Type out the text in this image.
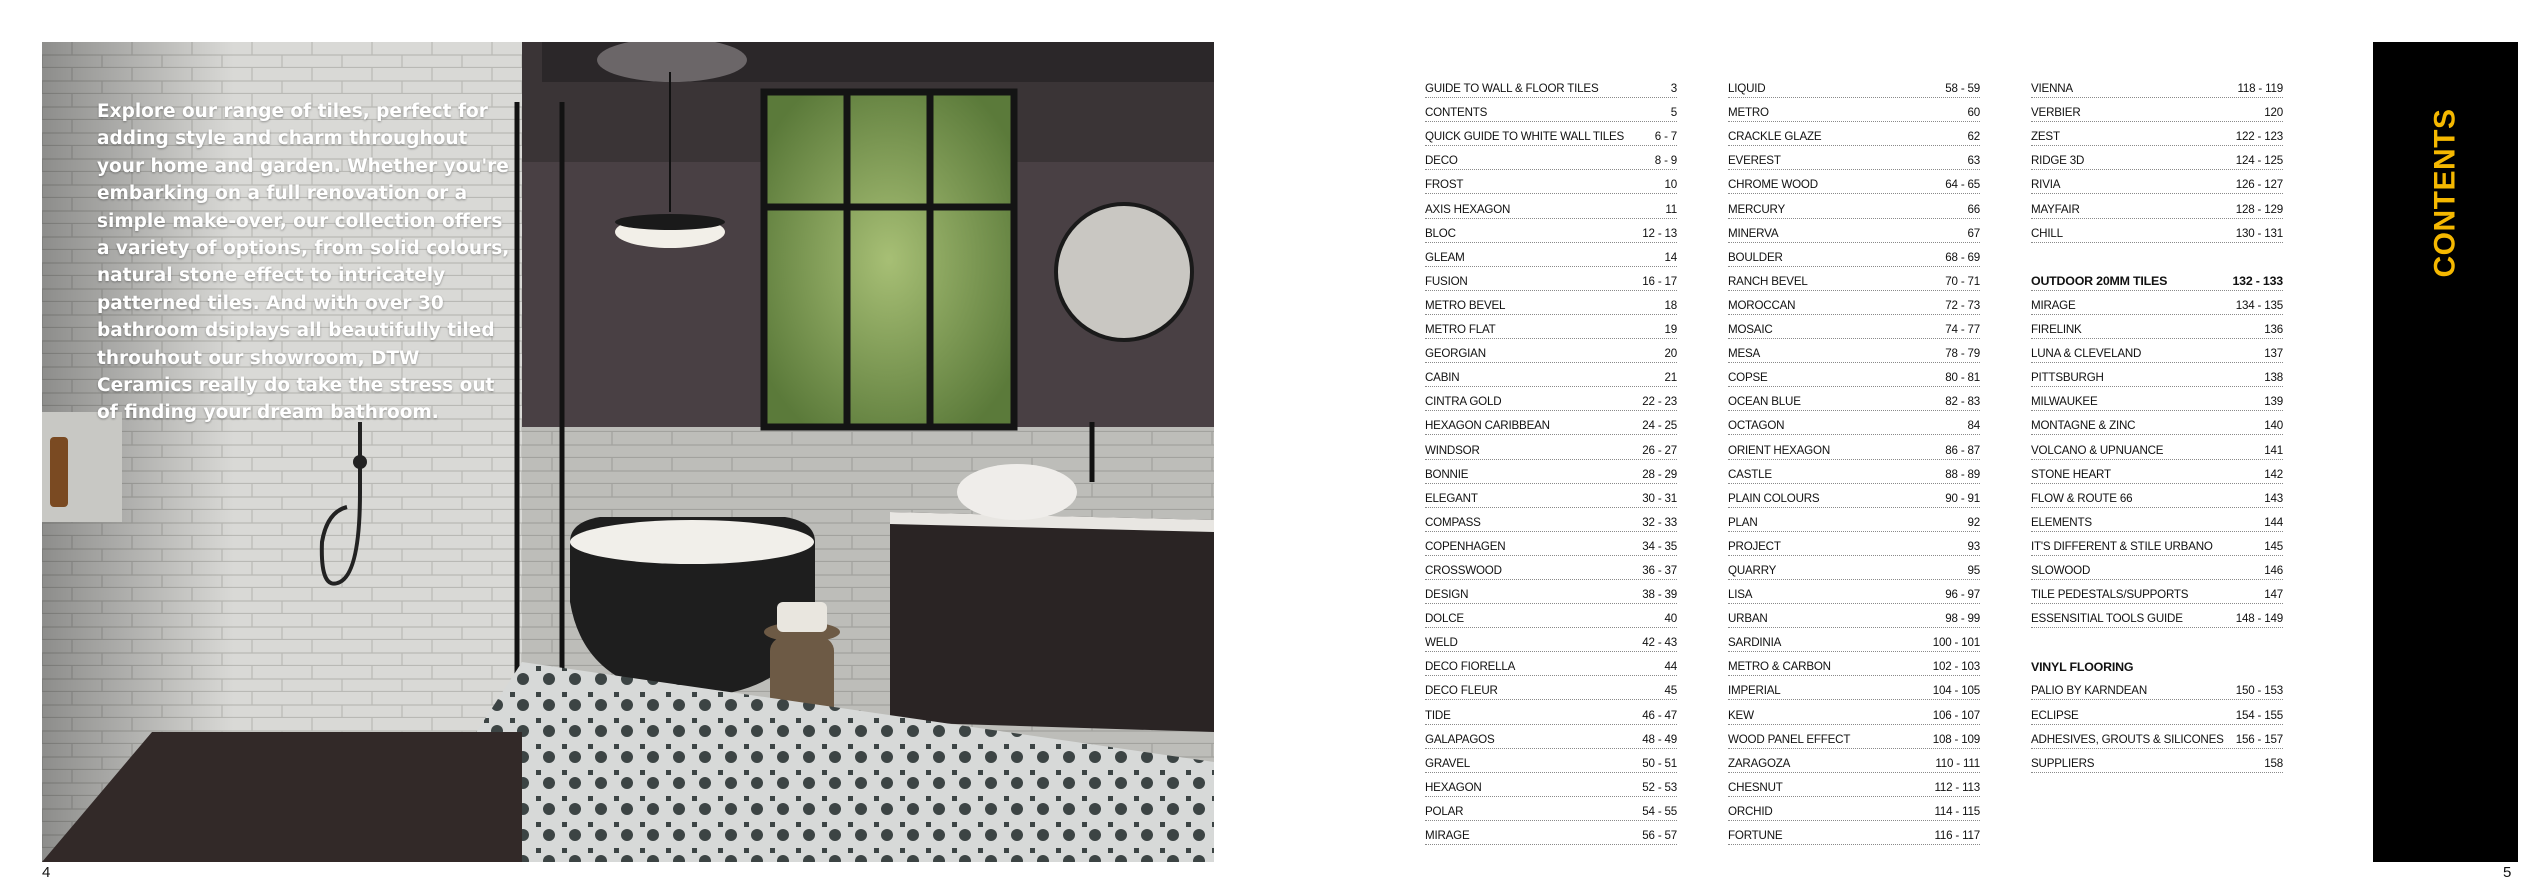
Explore our range of tiles, perfect for adding style and charm throughout your home and garden. Whether you're embarking on a full renovation or a simple make-over, our collection offers a variety of options, from solid colours, natural stone effect to intricately patterned tiles. And with over 30 bathroom dsiplays all beautifully tiled throuhout our showroom, DTW Ceramics really do take the stress out of finding your dream bathroom.
4
GUIDE TO WALL & FLOOR TILES	3
CONTENTS	5
QUICK GUIDE TO WHITE WALL TILES	6 - 7
DECO	8 - 9
FROST	10
AXIS HEXAGON	11
BLOC	12 - 13
GLEAM	14
FUSION	16 - 17
METRO BEVEL	18
METRO FLAT	19
GEORGIAN	20
CABIN	21
CINTRA GOLD	22 - 23
HEXAGON CARIBBEAN	24 - 25
WINDSOR	26 - 27
BONNIE	28 - 29
ELEGANT	30 - 31
COMPASS	32 - 33
COPENHAGEN	34 - 35
CROSSWOOD	36 - 37
DESIGN	38 - 39
DOLCE	40
WELD	42 - 43
DECO FIORELLA	44
DECO FLEUR	45
TIDE	46 - 47
GALAPAGOS	48 - 49
GRAVEL	50 - 51
HEXAGON	52 - 53
POLAR	54 - 55
MIRAGE	56 - 57
LIQUID	58 - 59
METRO	60
CRACKLE GLAZE	62
EVEREST	63
CHROME WOOD	64 - 65
MERCURY	66
MINERVA	67
BOULDER	68 - 69
RANCH BEVEL	70 - 71
MOROCCAN	72 - 73
MOSAIC	74 - 77
MESA	78 - 79
COPSE	80 - 81
OCEAN BLUE	82 - 83
OCTAGON	84
ORIENT HEXAGON	86 - 87
CASTLE	88 - 89
PLAIN COLOURS	90 - 91
PLAN	92
PROJECT	93
QUARRY	95
LISA	96 - 97
URBAN	98 - 99
SARDINIA	100 - 101
METRO & CARBON	102 - 103
IMPERIAL	104 - 105
KEW	106 - 107
WOOD PANEL EFFECT	108 - 109
ZARAGOZA	110 - 111
CHESNUT	112 - 113
ORCHID	114 - 115
FORTUNE	116 - 117
VIENNA	118 - 119
VERBIER	120
ZEST	122 - 123
RIDGE 3D	124 - 125
RIVIA	126 - 127
MAYFAIR	128 - 129
CHILL	130 - 131
OUTDOOR 20MM TILES	132 - 133
MIRAGE	134 - 135
FIRELINK	136
LUNA & CLEVELAND	137
PITTSBURGH	138
MILWAUKEE	139
MONTAGNE & ZINC	140
VOLCANO & UPNUANCE	141
STONE HEART	142
FLOW & ROUTE 66	143
ELEMENTS	144
IT'S DIFFERENT & STILE URBANO	145
SLOWOOD	146
TILE PEDESTALS/SUPPORTS	147
ESSENSITIAL TOOLS GUIDE	148 - 149
VINYL FLOORING
PALIO BY KARNDEAN	150 - 153
ECLIPSE	154 - 155
ADHESIVES, GROUTS & SILICONES 156 - 157
SUPPLIERS	158
CONTENTS
5
